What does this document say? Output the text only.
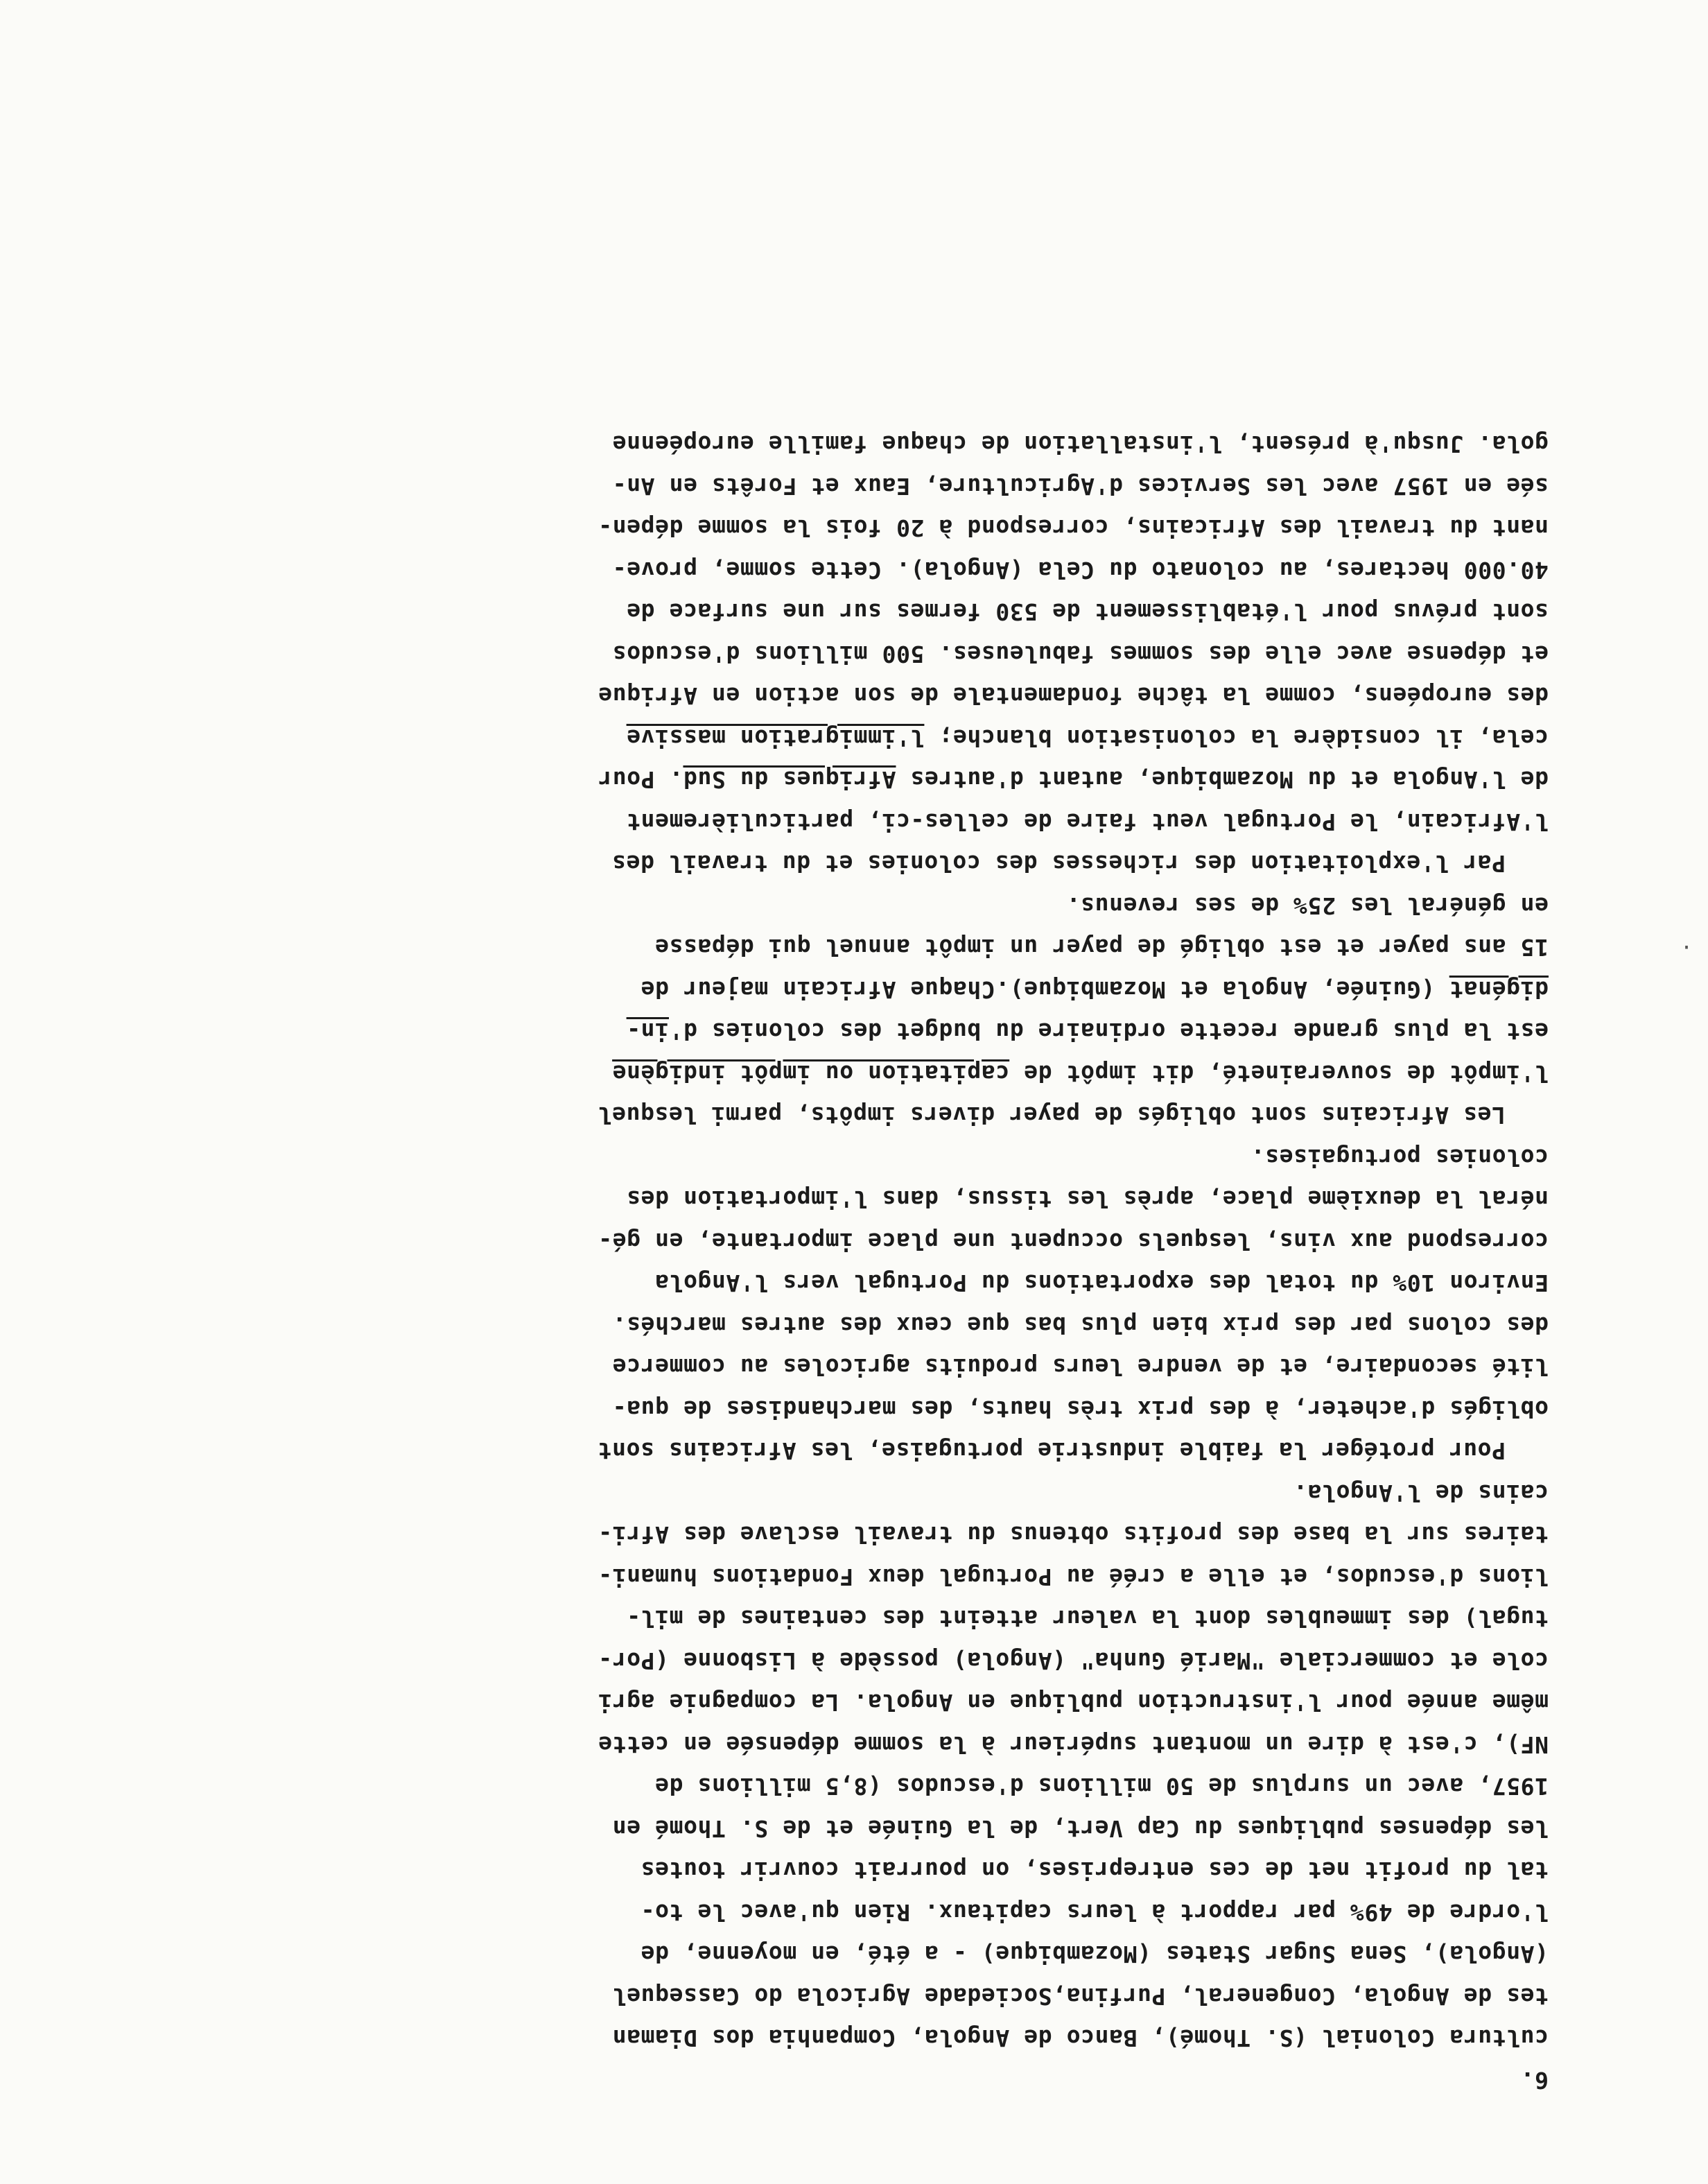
6.
cultura Colonial (S. Thomé), Banco de Angola, Companhia dos Diaman
tes de Angola, Congeneral, Purfina,Sociedade Agricola do Cassequel
(Angola), Sena Sugar States (Mozambique) - a été, en moyenne, de
l'ordre de 49% par rapport à leurs capitaux. Rien qu'avec le to-
tal du profit net de ces entreprises, on pourrait couvrir toutes
les dépenses publiques du Cap Vert, de la Guinée et de S. Thomé en
1957, avec un surplus de 50 millions d'escudos (8,5 millions de
NF), c'est à dire un montant supérieur à la somme dépensée en cette
même année pour l'instruction publique en Angola. La compagnie agri
cole et commerciale "Marié Gunha" (Angola) possède à Lisbonne (Por-
tugal) des immeubles dont la valeur atteint des centaines de mil-
lions d'escudos, et elle a créé au Portugal deux Fondations humani-
taires sur la base des profits obtenus du travail esclave des Afri-
cains de l'Angola.
Pour protéger la faible industrie portugaise, les Africains sont
obligés d'acheter, à des prix très hauts, des marchandises de qua-
lité secondaire, et de vendre leurs produits agricoles au commerce
des colons par des prix bien plus bas que ceux des autres marchés.
Environ 10% du total des exportations du Portugal vers l'Angola
correspond aux vins, lesquels occupent une place importante, en gé-
néral la deuxième place, après les tissus, dans l'importation des
colonies portugaises.
Les Africains sont obligés de payer divers impôts, parmi lesquel
l'impôt de souveraineté, dit impôt de capitation ou impôt indigène
est la plus grande recette ordinaire du budget des colonies d'in-
digénat (Guinée, Angola et Mozambique).Chaque Africain majeur de
15 ans payer et est obligé de payer un impôt annuel qui dépasse
en général les 25% de ses revenus.
Par l'exploitation des richesses des colonies et du travail des
l'Africain, le Portugal veut faire de celles-ci, particulièrement
de l'Angola et du Mozambique, autant d'autres Afriques du Sud. Pour
cela, il considère la colonisation blanche; l'immigration massive
des européens, comme la tâche fondamentale de son action en Afrique
et dépense avec elle des sommes fabuleuses. 500 millions d'escudos
sont prévus pour l'établissement de 530 fermes sur une surface de
40.000 hectares, au colonato du Cela (Angola). Cette somme, prove-
nant du travail des Africains, correspond à 20 fois la somme dépen-
sée en 1957 avec les Services d'Agriculture, Eaux et Forêts en An-
gola. Jusqu'à présent, l'installation de chaque famille européenne
·
